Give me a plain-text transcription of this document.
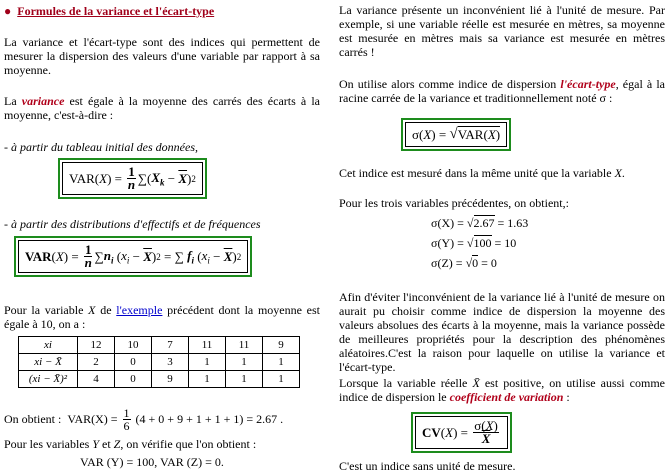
● Formules de la variance et l'écart-type

La variance et l'écart-type sont des indices qui permettent de mesurer la dispersion des valeurs d'une variable par rapport à sa moyenne.

La variance est égale à la moyenne des carrés des écarts à la moyenne, c'est-à-dire :

- à partir du tableau initial des données,

VAR( X ) = $\frac{1}{n}$ ∑( $X_k - \overline{X}$ ) 2

- à partir des distributions d'effectifs et de fréquences

VAR ( X ) = $\frac{1}{n}$ ∑ $n_i$ ( $x_i - \overline{X}$ ) 2 = ∑ $f_i$ ( $x_i - \overline{X}$ ) 2

Pour la variable X de l'exemple précédent dont la moyenne est égale à 10, on a :

xi	12	10	7	11	11	9
xi − X̄	2	0	3	1	1	1
(xi − X̄)²	4	0	9	1	1	1
On obtient :
VAR(X) =
$\frac{1}{6}$
(4 + 0 + 9 + 1 + 1 + 1) = 2.67 .

Pour les variables Y et Z, on vérifie que l'on obtient :

VAR (Y) = 100, VAR (Z) = 0.

La variance présente un inconvénient lié à l'unité de mesure. Par exemple, si une variable réelle est mesurée en mètres, sa moyenne est mesurée en mètres mais sa variance est mesurée en mètres carrés !

On utilise alors comme indice de dispersion l'écart-type, égal à la racine carrée de la variance et traditionnellement noté σ :

σ( X ) = √ VAR(X)

Cet indice est mesuré dans la même unité que la variable X.

Pour les trois variables précédentes, on obtient,:

σ(X) = √2.67 = 1.63
σ(Y) = √100 = 10
σ(Z) = √0 = 0

Afin d'éviter l'inconvénient de la variance lié à l'unité de mesure on aurait pu choisir comme indice de dispersion la moyenne des valeurs absolues des écarts à la moyenne, mais la variance possède de meilleures propriétés pour la description des phénomènes aléatoires.C'est la raison pour laquelle on utilise la variance et l'écart-type.

Lorsque la variable réelle X̄ est positive, on utilise aussi comme indice de dispersion le coefficient de variation :

CV ( X ) = $\frac{\sigma(X)}{X}$

C'est un indice sans unité de mesure.
